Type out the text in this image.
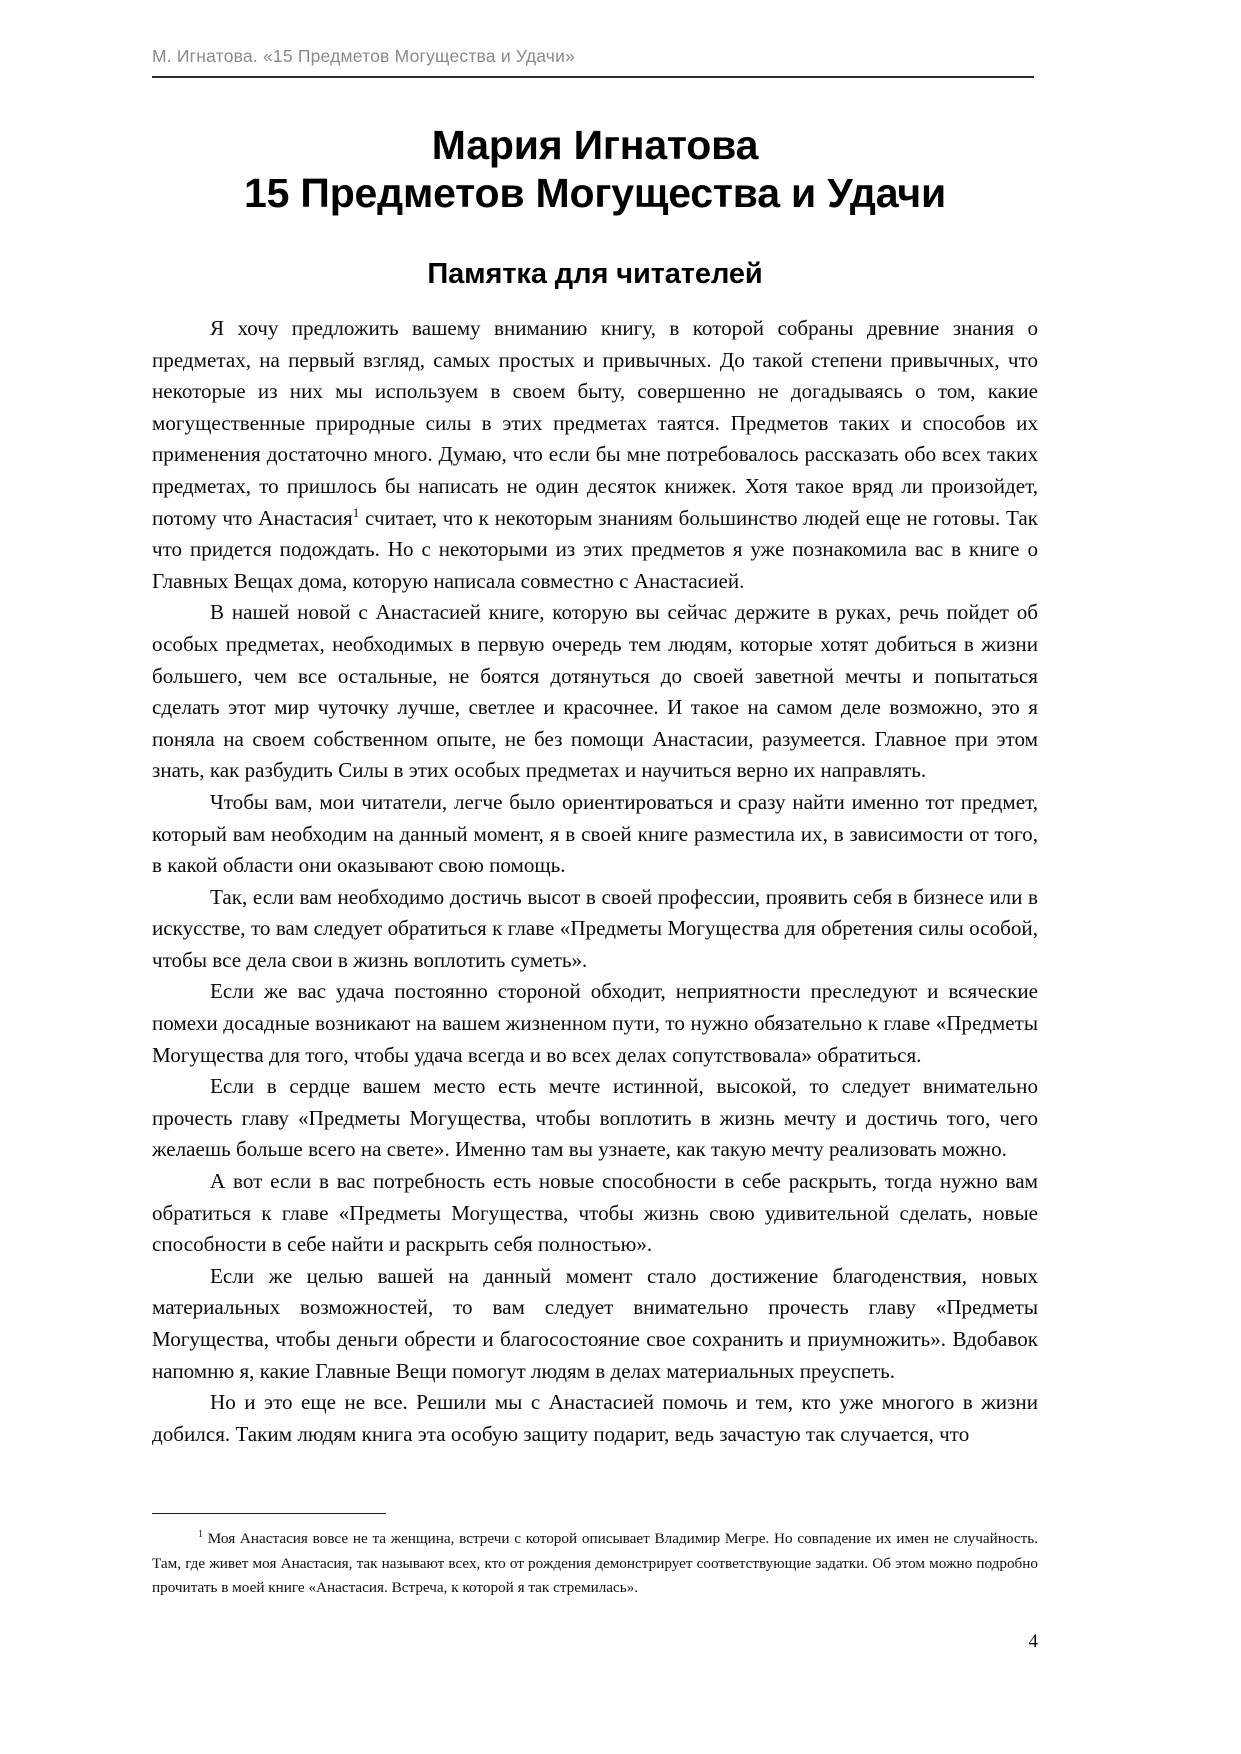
М. Игнатова. «15 Предметов Могущества и Удачи»
Мария Игнатова
15 Предметов Могущества и Удачи
Памятка для читателей

Я хочу предложить вашему вниманию книгу, в которой собраны древние знания о предметах, на первый взгляд, самых простых и привычных. До такой степени привычных, что некоторые из них мы используем в своем быту, совершенно не догадываясь о том, какие могущественные природные силы в этих предметах таятся. Предметов таких и способов их применения достаточно много. Думаю, что если бы мне потребовалось рассказать обо всех таких предметах, то пришлось бы написать не один десяток книжек. Хотя такое вряд ли произойдет, потому что Анастасия$^1$ считает, что к некоторым знаниям большинство людей еще не готовы. Так что придется подождать. Но с некоторыми из этих предметов я уже познакомила вас в книге о Главных Вещах дома, которую написала совместно с Анастасией.

В нашей новой с Анастасией книге, которую вы сейчас держите в руках, речь пойдет об особых предметах, необходимых в первую очередь тем людям, которые хотят добиться в жизни большего, чем все остальные, не боятся дотянуться до своей заветной мечты и попытаться сделать этот мир чуточку лучше, светлее и красочнее. И такое на самом деле возможно, это я поняла на своем собственном опыте, не без помощи Анастасии, разумеется. Главное при этом знать, как разбудить Силы в этих особых предметах и научиться верно их направлять.

Чтобы вам, мои читатели, легче было ориентироваться и сразу найти именно тот предмет, который вам необходим на данный момент, я в своей книге разместила их, в зависимости от того, в какой области они оказывают свою помощь.

Так, если вам необходимо достичь высот в своей профессии, проявить себя в бизнесе или в искусстве, то вам следует обратиться к главе «Предметы Могущества для обретения силы особой, чтобы все дела свои в жизнь воплотить суметь».

Если же вас удача постоянно стороной обходит, неприятности преследуют и всяческие помехи досадные возникают на вашем жизненном пути, то нужно обязательно к главе «Предметы Могущества для того, чтобы удача всегда и во всех делах сопутствовала» обратиться.

Если в сердце вашем место есть мечте истинной, высокой, то следует внимательно прочесть главу «Предметы Могущества, чтобы воплотить в жизнь мечту и достичь того, чего желаешь больше всего на свете». Именно там вы узнаете, как такую мечту реализовать можно.

А вот если в вас потребность есть новые способности в себе раскрыть, тогда нужно вам обратиться к главе «Предметы Могущества, чтобы жизнь свою удивительной сделать, новые способности в себе найти и раскрыть себя полностью».

Если же целью вашей на данный момент стало достижение благоденствия, новых материальных возможностей, то вам следует внимательно прочесть главу «Предметы Могущества, чтобы деньги обрести и благосостояние свое сохранить и приумножить». Вдобавок напомню я, какие Главные Вещи помогут людям в делах материальных преуспеть.

Но и это еще не все. Решили мы с Анастасией помочь и тем, кто уже многого в жизни добился. Таким людям книга эта особую защиту подарит, ведь зачастую так случается, что

$^1$ Моя Анастасия вовсе не та женщина, встречи с которой описывает Владимир Мегре. Но совпадение их имен не случайность. Там, где живет моя Анастасия, так называют всех, кто от рождения демонстрирует соответствующие задатки. Об этом можно подробно прочитать в моей книге «Анастасия. Встреча, к которой я так стремилась».

4
